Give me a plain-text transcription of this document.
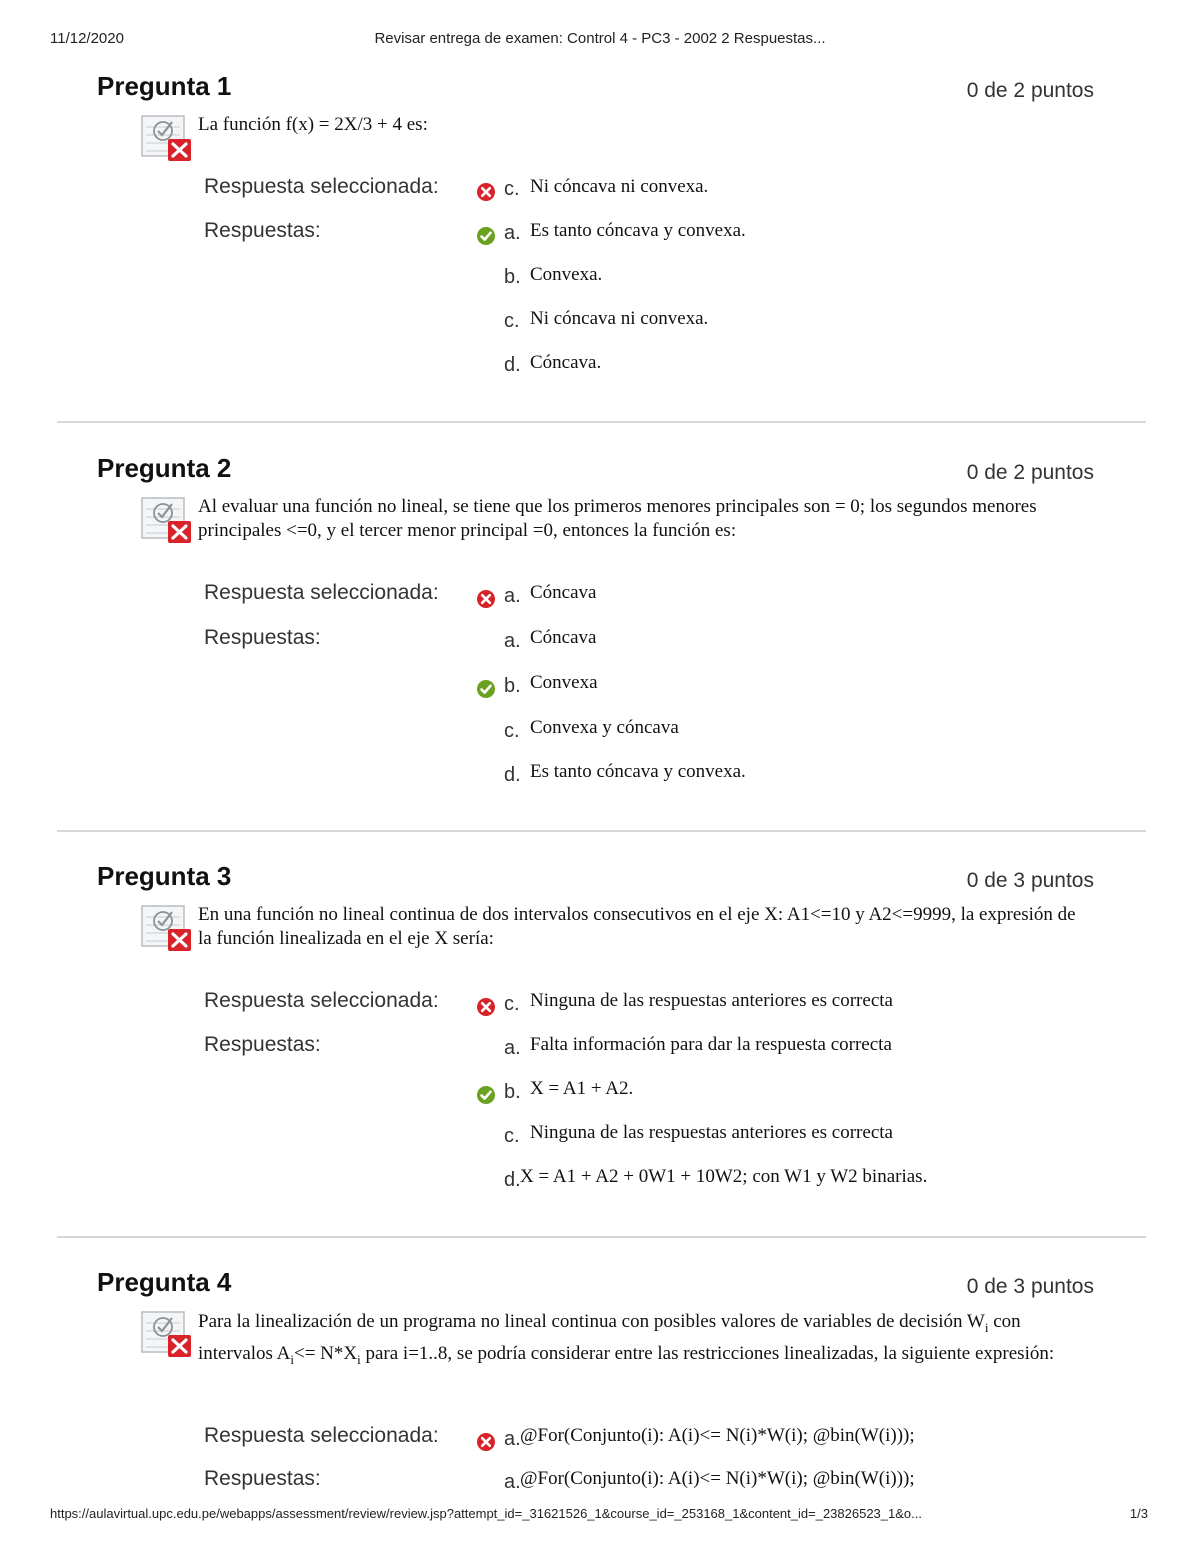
11/12/2020	Revisar entrega de examen: Control 4 - PC3 - 2002 2 Respuestas...
Pregunta 1	0 de 2 puntos
La función f(x) = 2X/3 + 4 es:
Respuesta seleccionada:	c. Ni cóncava ni convexa.
Respuestas:	a. Es tanto cóncava y convexa.
b. Convexa.
c. Ni cóncava ni convexa.
d. Cóncava.
Pregunta 2	0 de 2 puntos
Al evaluar una función no lineal, se tiene que los primeros menores principales son = 0; los segundos menores principales <=0, y el tercer menor principal =0, entonces la función es:
Respuesta seleccionada:	a. Cóncava
Respuestas:	a. Cóncava
b. Convexa
c. Convexa y cóncava
d. Es tanto cóncava y convexa.
Pregunta 3	0 de 3 puntos
En una función no lineal continua de dos intervalos consecutivos en el eje X: A1<=10 y A2<=9999, la expresión de la función linealizada en el eje X sería:
Respuesta seleccionada:	c. Ninguna de las respuestas anteriores es correcta
Respuestas:	a. Falta información para dar la respuesta correcta
b. X = A1 + A2.
c. Ninguna de las respuestas anteriores es correcta
d. X = A1 + A2 + 0W1 + 10W2; con W1 y W2 binarias.
Pregunta 4	0 de 3 puntos
Para la linealización de un programa no lineal continua con posibles valores de variables de decisión $W_i$ con intervalos $A_i<= N*X_i$ para i=1..8, se podría considerar entre las restricciones linealizadas, la siguiente expresión:
Respuesta seleccionada:	a. @For(Conjunto(i): A(i)<= N(i)*W(i); @bin(W(i)));
Respuestas:	a. @For(Conjunto(i): A(i)<= N(i)*W(i); @bin(W(i)));
https://aulavirtual.upc.edu.pe/webapps/assessment/review/review.jsp?attempt_id=_31621526_1&course_id=_253168_1&content_id=_23826523_1&o...	1/3
